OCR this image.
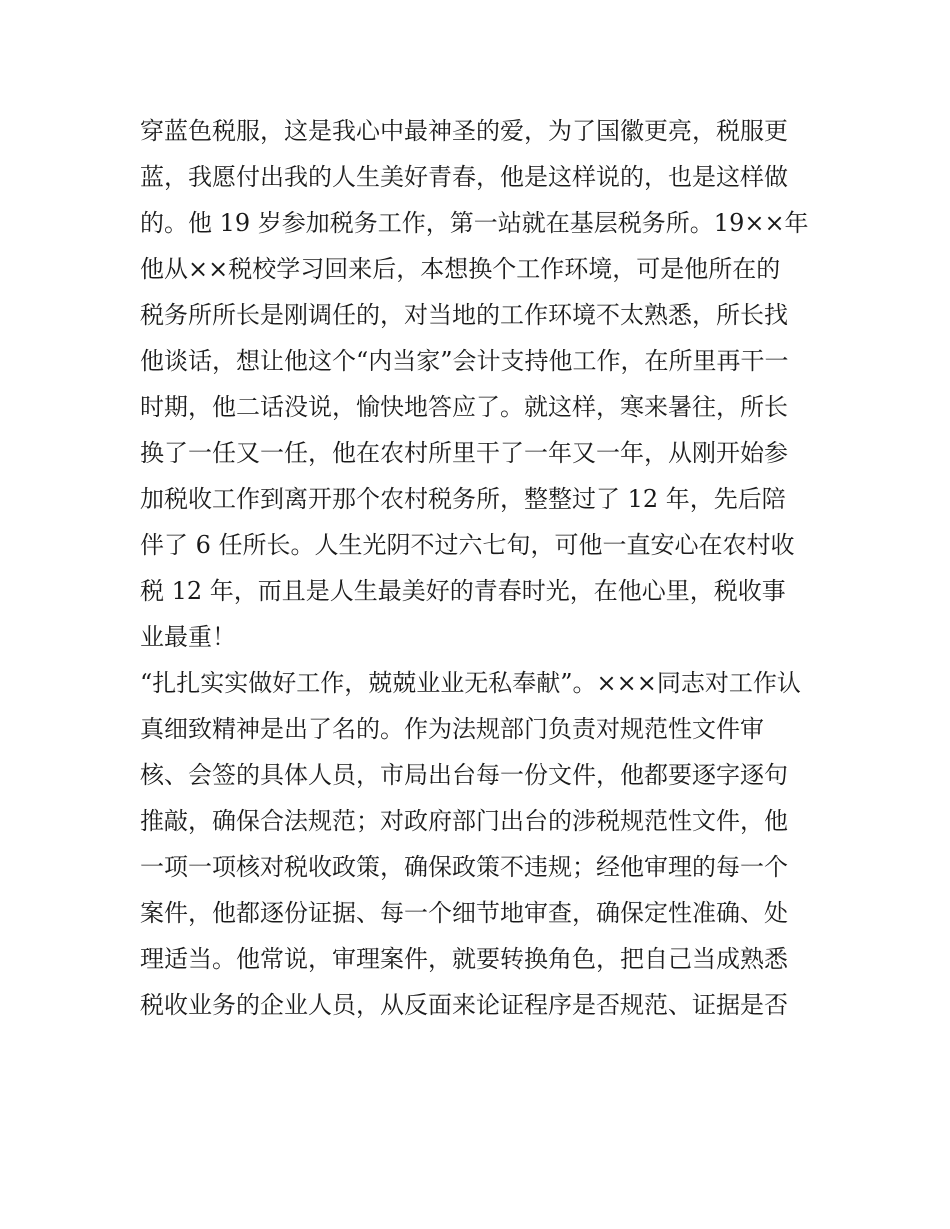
穿蓝色税服，这是我心中最神圣的爱，为了国徽更亮，税服更
蓝，我愿付出我的人生美好青春，他是这样说的，也是这样做
的。他 19 岁参加税务工作，第一站就在基层税务所。19××年
他从××税校学习回来后，本想换个工作环境，可是他所在的
税务所所长是刚调任的，对当地的工作环境不太熟悉，所长找
他谈话，想让他这个“内当家”会计支持他工作，在所里再干一
时期，他二话没说，愉快地答应了。就这样，寒来暑往，所长
换了一任又一任，他在农村所里干了一年又一年，从刚开始参
加税收工作到离开那个农村税务所，整整过了 12 年，先后陪
伴了 6 任所长。人生光阴不过六七旬，可他一直安心在农村收
税 12 年，而且是人生最美好的青春时光，在他心里，税收事
业最重！
“扎扎实实做好工作，兢兢业业无私奉献”。×××同志对工作认
真细致精神是出了名的。作为法规部门负责对规范性文件审
核、会签的具体人员，市局出台每一份文件，他都要逐字逐句
推敲，确保合法规范；对政府部门出台的涉税规范性文件，他
一项一项核对税收政策，确保政策不违规；经他审理的每一个
案件，他都逐份证据、每一个细节地审查，确保定性准确、处
理适当。他常说，审理案件，就要转换角色，把自己当成熟悉
税收业务的企业人员，从反面来论证程序是否规范、证据是否
